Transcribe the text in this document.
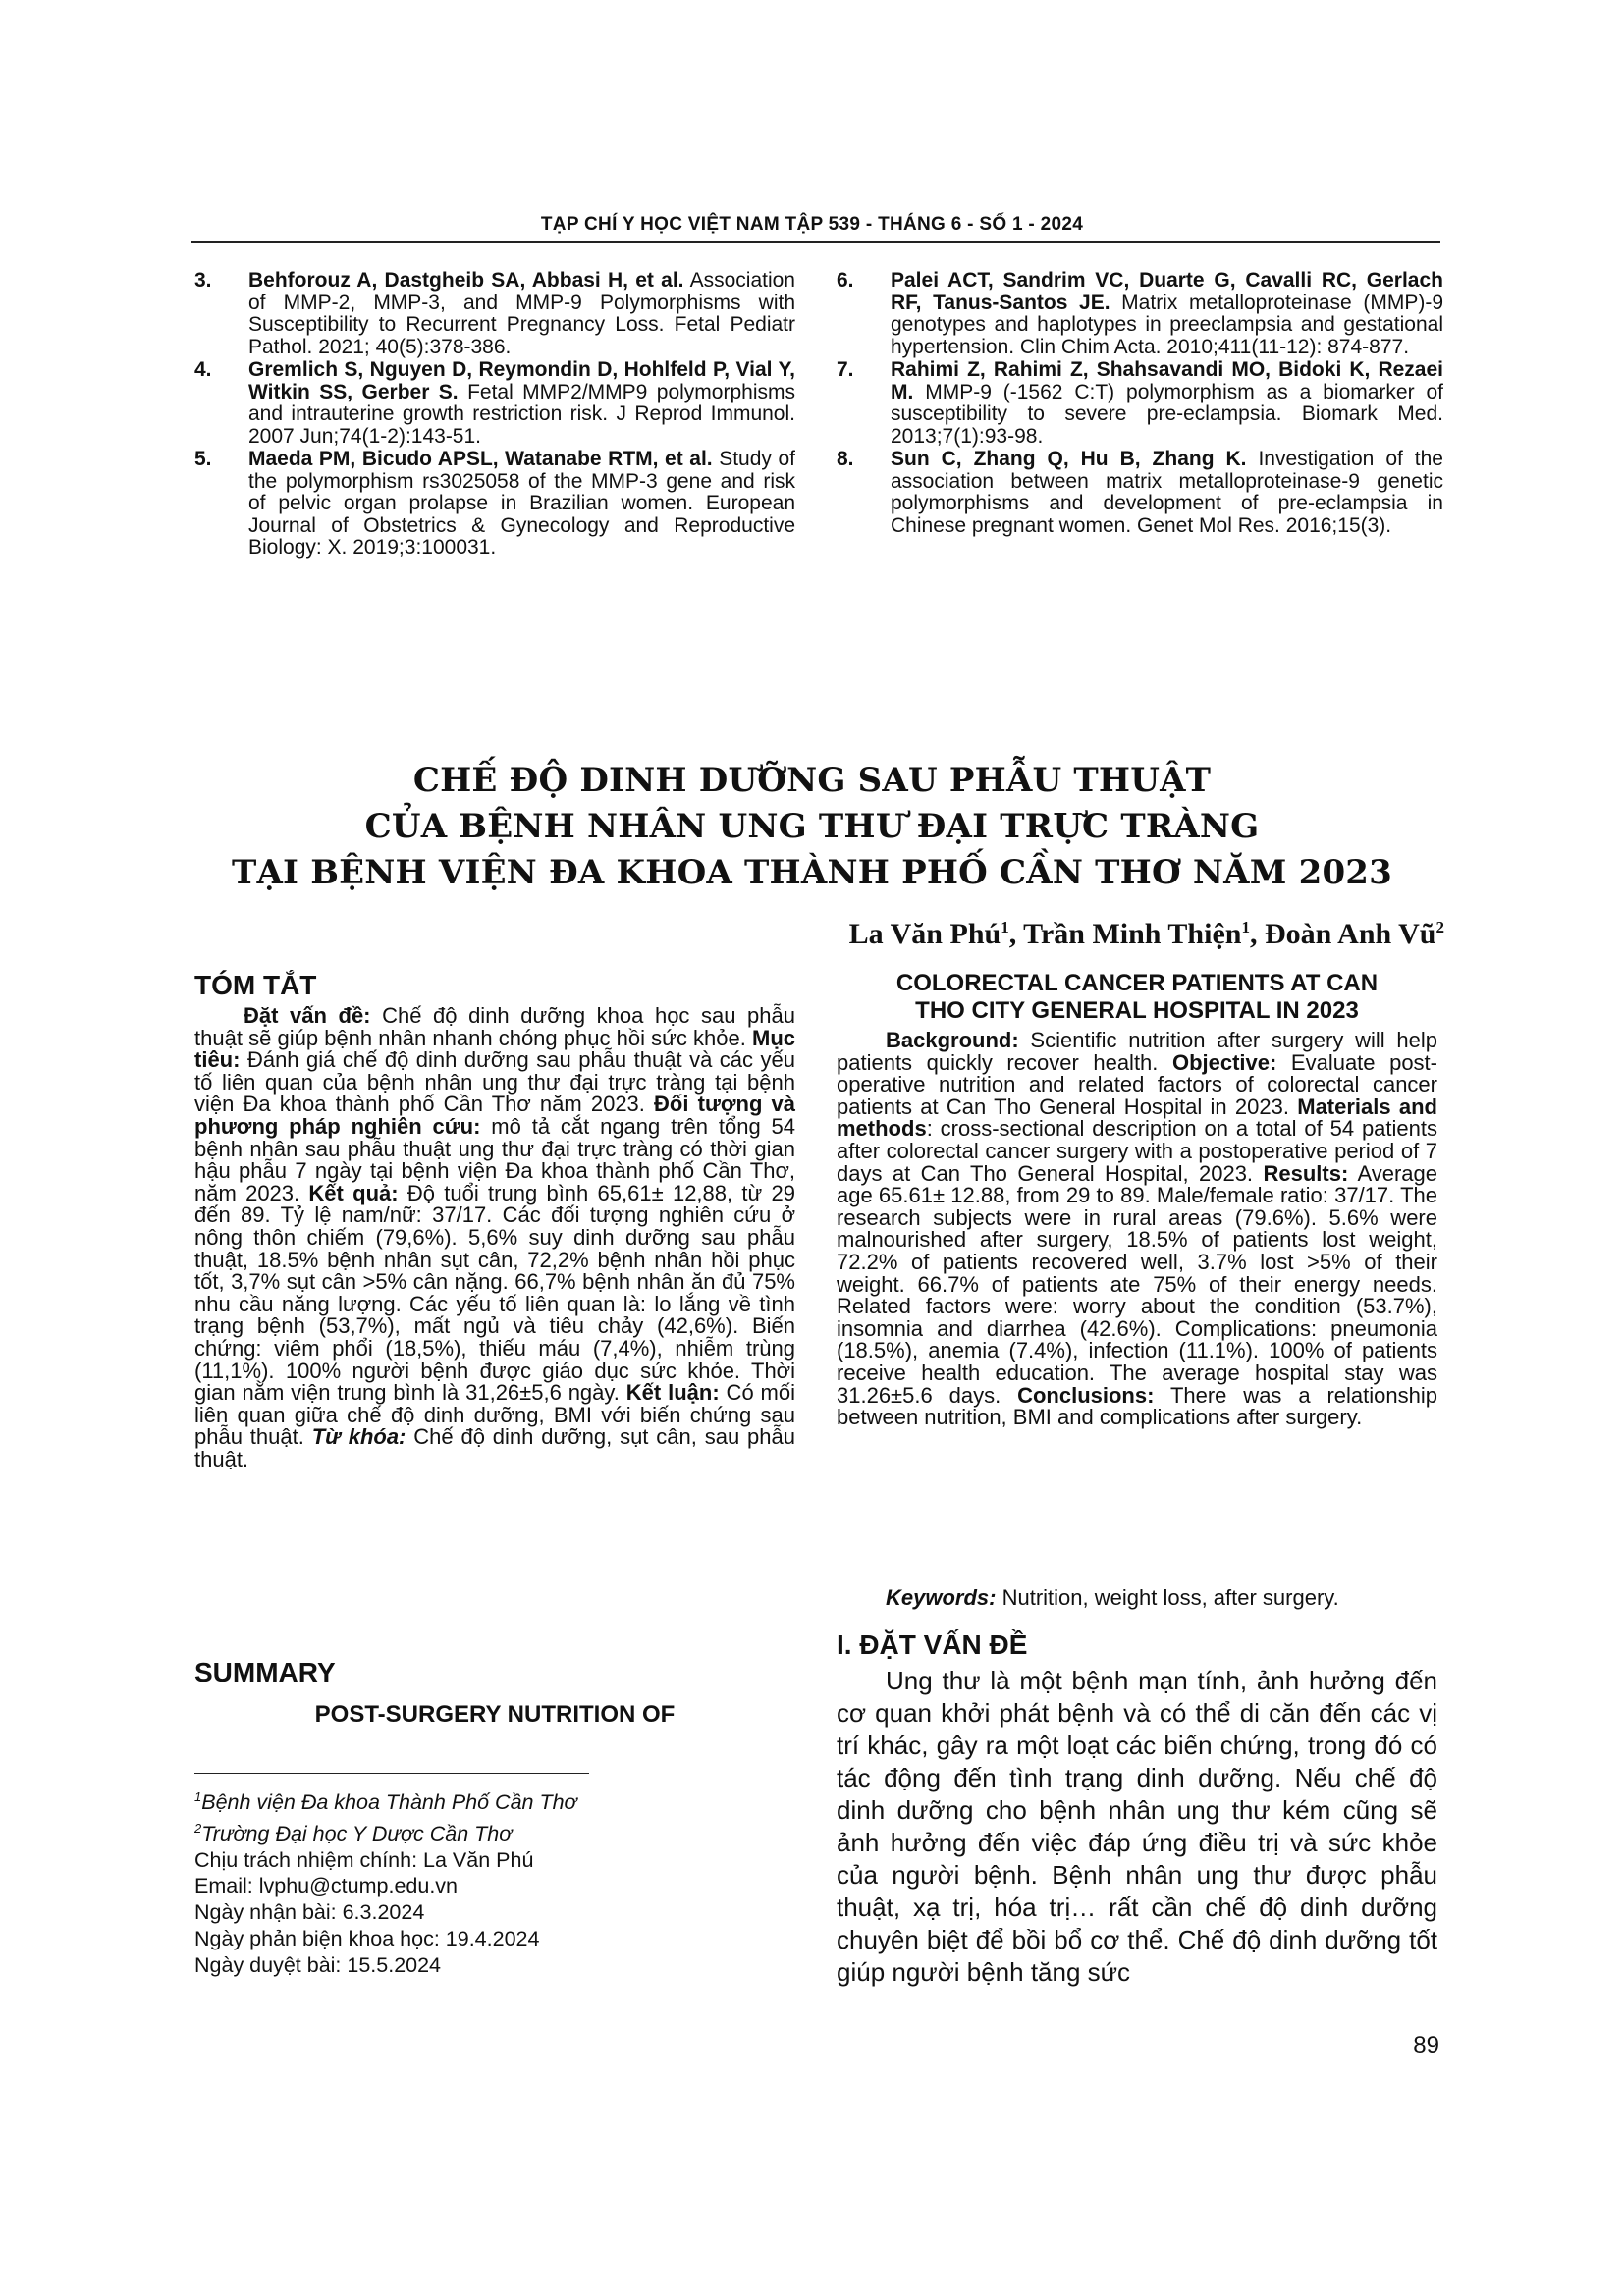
TẠP CHÍ Y HỌC VIỆT NAM TẬP 539 - THÁNG 6 - SỐ 1 - 2024
3. Behforouz A, Dastgheib SA, Abbasi H, et al. Association of MMP-2, MMP-3, and MMP-9 Polymorphisms with Susceptibility to Recurrent Pregnancy Loss. Fetal Pediatr Pathol. 2021; 40(5):378-386.
4. Gremlich S, Nguyen D, Reymondin D, Hohlfeld P, Vial Y, Witkin SS, Gerber S. Fetal MMP2/MMP9 polymorphisms and intrauterine growth restriction risk. J Reprod Immunol. 2007 Jun;74(1-2):143-51.
5. Maeda PM, Bicudo APSL, Watanabe RTM, et al. Study of the polymorphism rs3025058 of the MMP-3 gene and risk of pelvic organ prolapse in Brazilian women. European Journal of Obstetrics & Gynecology and Reproductive Biology: X. 2019;3:100031.
6. Palei ACT, Sandrim VC, Duarte G, Cavalli RC, Gerlach RF, Tanus-Santos JE. Matrix metalloproteinase (MMP)-9 genotypes and haplotypes in preeclampsia and gestational hypertension. Clin Chim Acta. 2010;411(11-12): 874-877.
7. Rahimi Z, Rahimi Z, Shahsavandi MO, Bidoki K, Rezaei M. MMP-9 (-1562 C:T) polymorphism as a biomarker of susceptibility to severe pre-eclampsia. Biomark Med. 2013;7(1):93-98.
8. Sun C, Zhang Q, Hu B, Zhang K. Investigation of the association between matrix metalloproteinase-9 genetic polymorphisms and development of pre-eclampsia in Chinese pregnant women. Genet Mol Res. 2016;15(3).
CHẾ ĐỘ DINH DƯỠNG SAU PHẪU THUẬT
CỦA BỆNH NHÂN UNG THƯ ĐẠI TRỰC TRÀNG
TẠI BỆNH VIỆN ĐA KHOA THÀNH PHỐ CẦN THƠ NĂM 2023
La Văn Phú$^1$, Trần Minh Thiện$^1$, Đoàn Anh $Vũ^2$
TÓM TẮT
Đặt vấn đề: Chế độ dinh dưỡng khoa học sau phẫu thuật sẽ giúp bệnh nhân nhanh chóng phục hồi sức khỏe. Mục tiêu: Đánh giá chế độ dinh dưỡng sau phẫu thuật và các yếu tố liên quan của bệnh nhân ung thư đại trực tràng tại bệnh viện Đa khoa thành phố Cần Thơ năm 2023. Đối tượng và phương pháp nghiên cứu: mô tả cắt ngang trên tổng 54 bệnh nhân sau phẫu thuật ung thư đại trực tràng có thời gian hậu phẫu 7 ngày tại bệnh viện Đa khoa thành phố Cần Thơ, năm 2023. Kết quả: Độ tuổi trung bình 65,61± 12,88, từ 29 đến 89. Tỷ lệ nam/nữ: 37/17. Các đối tượng nghiên cứu ở nông thôn chiếm (79,6%). 5,6% suy dinh dưỡng sau phẫu thuật, 18.5% bệnh nhân sụt cân, 72,2% bệnh nhân hồi phục tốt, 3,7% sụt cân >5% cân nặng. 66,7% bệnh nhân ăn đủ 75% nhu cầu năng lượng. Các yếu tố liên quan là: lo lắng về tình trạng bệnh (53,7%), mất ngủ và tiêu chảy (42,6%). Biến chứng: viêm phổi (18,5%), thiếu máu (7,4%), nhiễm trùng (11,1%). 100% người bệnh được giáo dục sức khỏe. Thời gian nằm viện trung bình là 31,26±5,6 ngày. Kết luận: Có mối liên quan giữa chế độ dinh dưỡng, BMI với biến chứng sau phẫu thuật. Từ khóa: Chế độ dinh dưỡng, sụt cân, sau phẫu thuật.
SUMMARY
POST-SURGERY NUTRITION OF
$^1$Bệnh viện Đa khoa Thành Phố Cần Thơ
$^2$Trường Đại học Y Dược Cần Thơ
Chịu trách nhiệm chính: La Văn Phú
Email: lvphu@ctump.edu.vn
Ngày nhận bài: 6.3.2024
Ngày phản biện khoa học: 19.4.2024
Ngày duyệt bài: 15.5.2024
COLORECTAL CANCER PATIENTS AT CAN
THO CITY GENERAL HOSPITAL IN 2023
Background: Scientific nutrition after surgery will help patients quickly recover health. Objective: Evaluate post-operative nutrition and related factors of colorectal cancer patients at Can Tho General Hospital in 2023. Materials and methods: cross-sectional description on a total of 54 patients after colorectal cancer surgery with a postoperative period of 7 days at Can Tho General Hospital, 2023. Results: Average age 65.61± 12.88, from 29 to 89. Male/female ratio: 37/17. The research subjects were in rural areas (79.6%). 5.6% were malnourished after surgery, 18.5% of patients lost weight, 72.2% of patients recovered well, 3.7% lost >5% of their weight. 66.7% of patients ate 75% of their energy needs. Related factors were: worry about the condition (53.7%), insomnia and diarrhea (42.6%). Complications: pneumonia (18.5%), anemia (7.4%), infection (11.1%). 100% of patients receive health education. The average hospital stay was 31.26±5.6 days. Conclusions: There was a relationship between nutrition, BMI and complications after surgery.
Keywords: Nutrition, weight loss, after surgery.
I. ĐẶT VẤN ĐỀ
Ung thư là một bệnh mạn tính, ảnh hưởng đến cơ quan khởi phát bệnh và có thể di căn đến các vị trí khác, gây ra một loạt các biến chứng, trong đó có tác động đến tình trạng dinh dưỡng. Nếu chế độ dinh dưỡng cho bệnh nhân ung thư kém cũng sẽ ảnh hưởng đến việc đáp ứng điều trị và sức khỏe của người bệnh. Bệnh nhân ung thư được phẫu thuật, xạ trị, hóa trị… rất cần chế độ dinh dưỡng chuyên biệt để bồi bổ cơ thể. Chế độ dinh dưỡng tốt giúp người bệnh tăng sức
89
